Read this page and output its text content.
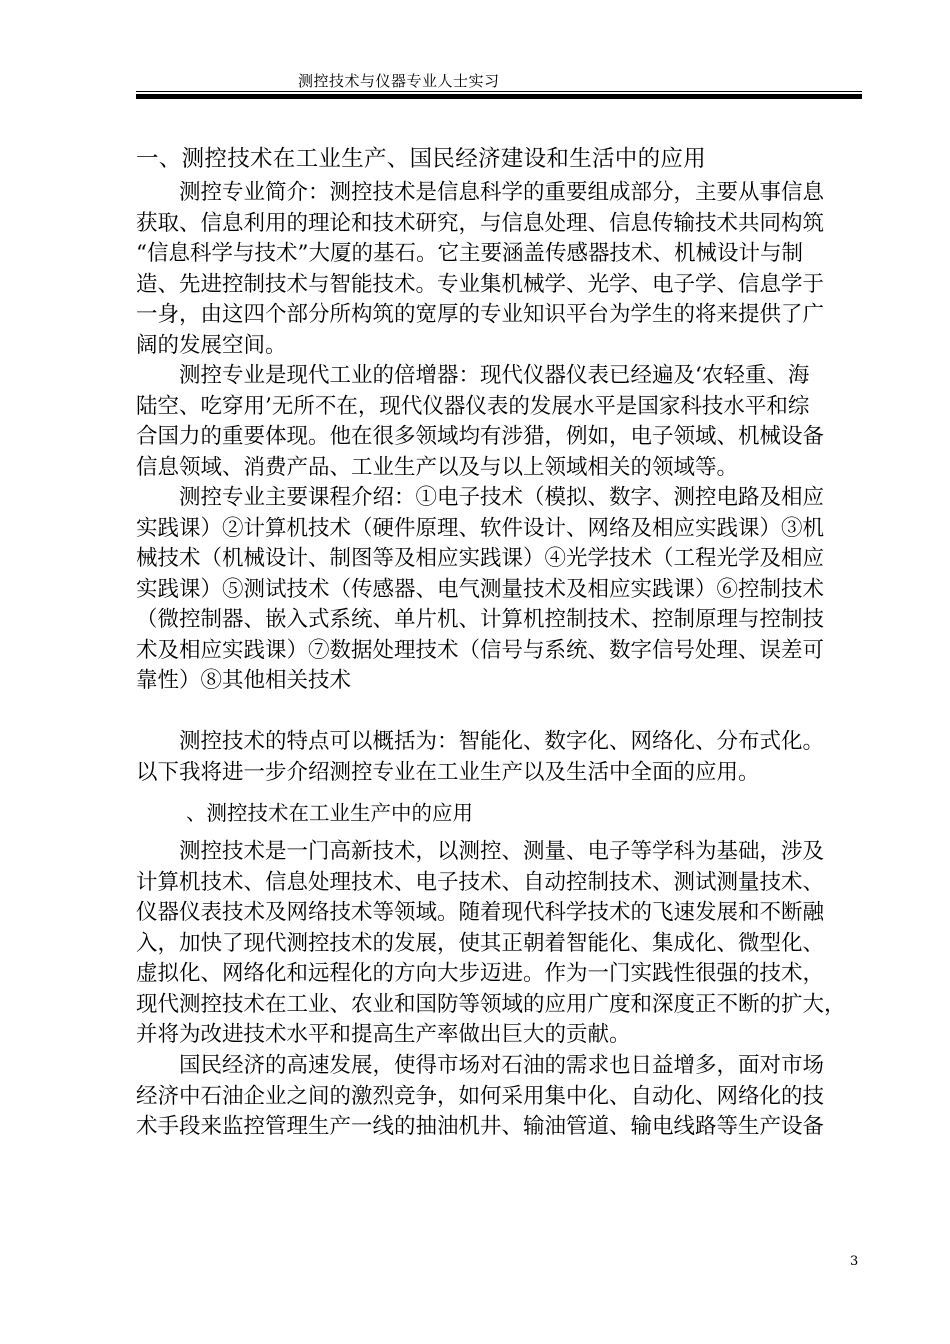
测控技术与仪器专业人士实习
一、测控技术在工业生产、国民经济建设和生活中的应用
　　测控专业简介：测控技术是信息科学的重要组成部分，主要从事信息
获取、信息利用的理论和技术研究，与信息处理、信息传输技术共同构筑
“信息科学与技术”大厦的基石。它主要涵盖传感器技术、机械设计与制
造、先进控制技术与智能技术。专业集机械学、光学、电子学、信息学于
一身，由这四个部分所构筑的宽厚的专业知识平台为学生的将来提供了广
阔的发展空间。
　　测控专业是现代工业的倍增器：现代仪器仪表已经遍及‘农轻重、海
陆空、吃穿用’无所不在，现代仪器仪表的发展水平是国家科技水平和综
合国力的重要体现。他在很多领域均有涉猎，例如，电子领域、机械设备
信息领域、消费产品、工业生产以及与以上领域相关的领域等。
　　测控专业主要课程介绍：①电子技术（模拟、数字、测控电路及相应
实践课）②计算机技术（硬件原理、软件设计、网络及相应实践课）③机
械技术（机械设计、制图等及相应实践课）④光学技术（工程光学及相应
实践课）⑤测试技术（传感器、电气测量技术及相应实践课）⑥控制技术
（微控制器、嵌入式系统、单片机、计算机控制技术、控制原理与控制技
术及相应实践课）⑦数据处理技术（信号与系统、数字信号处理、误差可
靠性）⑧其他相关技术
　　测控技术的特点可以概括为：智能化、数字化、网络化、分布式化。
以下我将进一步介绍测控专业在工业生产以及生活中全面的应用。
、测控技术在工业生产中的应用
　　测控技术是一门高新技术，以测控、测量、电子等学科为基础，涉及
计算机技术、信息处理技术、电子技术、自动控制技术、测试测量技术、
仪器仪表技术及网络技术等领域。随着现代科学技术的飞速发展和不断融
入，加快了现代测控技术的发展，使其正朝着智能化、集成化、微型化、
虚拟化、网络化和远程化的方向大步迈进。作为一门实践性很强的技术，
现代测控技术在工业、农业和国防等领域的应用广度和深度正不断的扩大，
并将为改进技术水平和提高生产率做出巨大的贡献。
　　国民经济的高速发展，使得市场对石油的需求也日益增多，面对市场
经济中石油企业之间的激烈竞争，如何采用集中化、自动化、网络化的技
术手段来监控管理生产一线的抽油机井、输油管道、输电线路等生产设备
3
